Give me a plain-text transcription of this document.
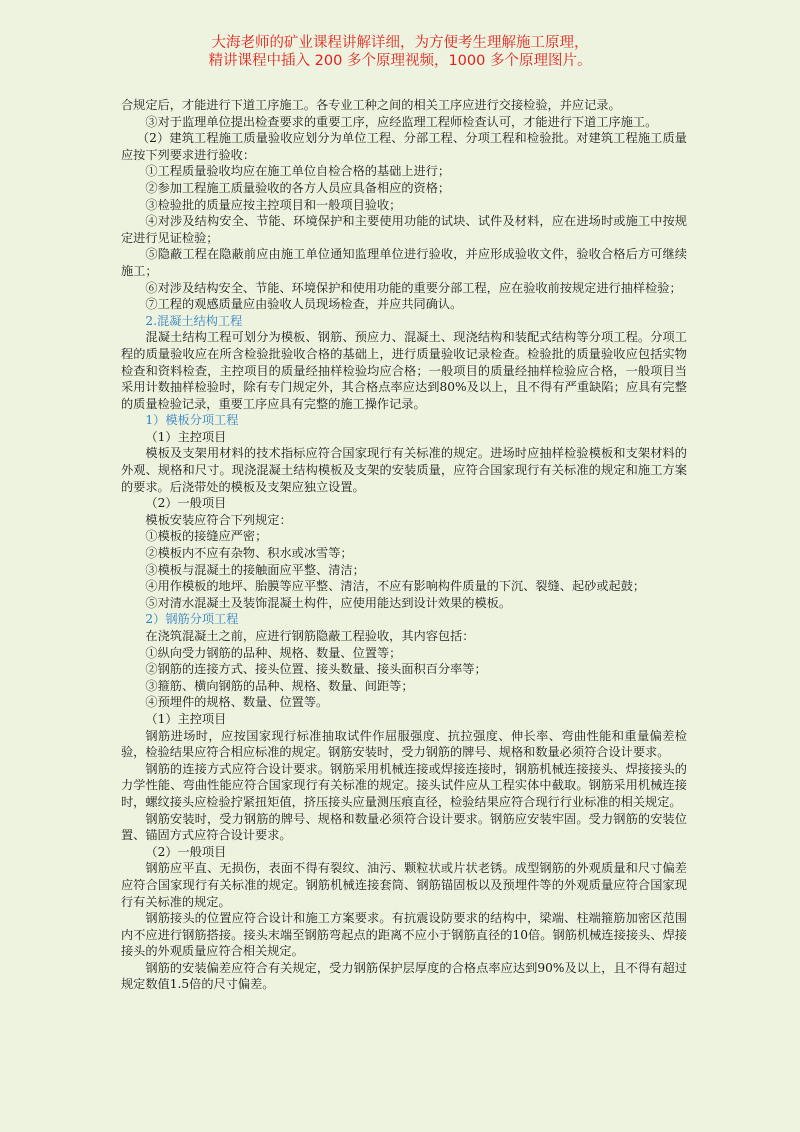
大海老师的矿业课程讲解详细，为方便考生理解施工原理，
精讲课程中插入 200 多个原理视频，1000 多个原理图片。

合规定后，才能进行下道工序施工。各专业工种之间的相关工序应进行交接检验，并应记录。

③对于监理单位提出检查要求的重要工序，应经监理工程师检查认可，才能进行下道工序施工。

（2）建筑工程施工质量验收应划分为单位工程、分部工程、分项工程和检验批。对建筑工程施工质量应按下列要求进行验收：

①工程质量验收均应在施工单位自检合格的基础上进行；

②参加工程施工质量验收的各方人员应具备相应的资格；

③检验批的质量应按主控项目和一般项目验收；

④对涉及结构安全、节能、环境保护和主要使用功能的试块、试件及材料，应在进场时或施工中按规定进行见证检验；

⑤隐蔽工程在隐蔽前应由施工单位通知监理单位进行验收，并应形成验收文件，验收合格后方可继续施工；

⑥对涉及结构安全、节能、环境保护和使用功能的重要分部工程，应在验收前按规定进行抽样检验；

⑦工程的观感质量应由验收人员现场检查，并应共同确认。

2.混凝土结构工程

混凝土结构工程可划分为模板、钢筋、预应力、混凝土、现浇结构和装配式结构等分项工程。分项工程的质量验收应在所含检验批验收合格的基础上，进行质量验收记录检查。检验批的质量验收应包括实物检查和资料检查，主控项目的质量经抽样检验均应合格；一般项目的质量经抽样检验应合格，一般项目当采用计数抽样检验时，除有专门规定外，其合格点率应达到80%及以上，且不得有严重缺陷；应具有完整的质量检验记录，重要工序应具有完整的施工操作记录。

1）模板分项工程

（1）主控项目

模板及支架用材料的技术指标应符合国家现行有关标准的规定。进场时应抽样检验模板和支架材料的外观、规格和尺寸。现浇混凝土结构模板及支架的安装质量，应符合国家现行有关标准的规定和施工方案的要求。后浇带处的模板及支架应独立设置。

（2）一般项目

模板安装应符合下列规定：

①模板的接缝应严密；

②模板内不应有杂物、积水或冰雪等；

③模板与混凝土的接触面应平整、清洁；

④用作模板的地坪、胎膜等应平整、清洁，不应有影响构件质量的下沉、裂缝、起砂或起鼓；

⑤对清水混凝土及装饰混凝土构件，应使用能达到设计效果的模板。

2）钢筋分项工程

在浇筑混凝土之前，应进行钢筋隐蔽工程验收，其内容包括：

①纵向受力钢筋的品种、规格、数量、位置等；

②钢筋的连接方式、接头位置、接头数量、接头面积百分率等；

③箍筋、横向钢筋的品种、规格、数量、间距等；

④预埋件的规格、数量、位置等。

（1）主控项目

钢筋进场时，应按国家现行标准抽取试件作屈服强度、抗拉强度、伸长率、弯曲性能和重量偏差检验，检验结果应符合相应标准的规定。钢筋安装时，受力钢筋的牌号、规格和数量必须符合设计要求。

钢筋的连接方式应符合设计要求。钢筋采用机械连接或焊接连接时，钢筋机械连接接头、焊接接头的力学性能、弯曲性能应符合国家现行有关标准的规定。接头试件应从工程实体中截取。钢筋采用机械连接时，螺纹接头应检验拧紧扭矩值，挤压接头应量测压痕直径，检验结果应符合现行行业标准的相关规定。

钢筋安装时，受力钢筋的牌号、规格和数量必须符合设计要求。钢筋应安装牢固。受力钢筋的安装位置、锚固方式应符合设计要求。

（2）一般项目

钢筋应平直、无损伤，表面不得有裂纹、油污、颗粒状或片状老锈。成型钢筋的外观质量和尺寸偏差应符合国家现行有关标准的规定。钢筋机械连接套筒、钢筋锚固板以及预埋件等的外观质量应符合国家现行有关标准的规定。

钢筋接头的位置应符合设计和施工方案要求。有抗震设防要求的结构中，梁端、柱端箍筋加密区范围内不应进行钢筋搭接。接头末端至钢筋弯起点的距离不应小于钢筋直径的10倍。钢筋机械连接接头、焊接接头的外观质量应符合相关规定。

钢筋的安装偏差应符合有关规定，受力钢筋保护层厚度的合格点率应达到90%及以上，且不得有超过规定数值1.5倍的尺寸偏差。
